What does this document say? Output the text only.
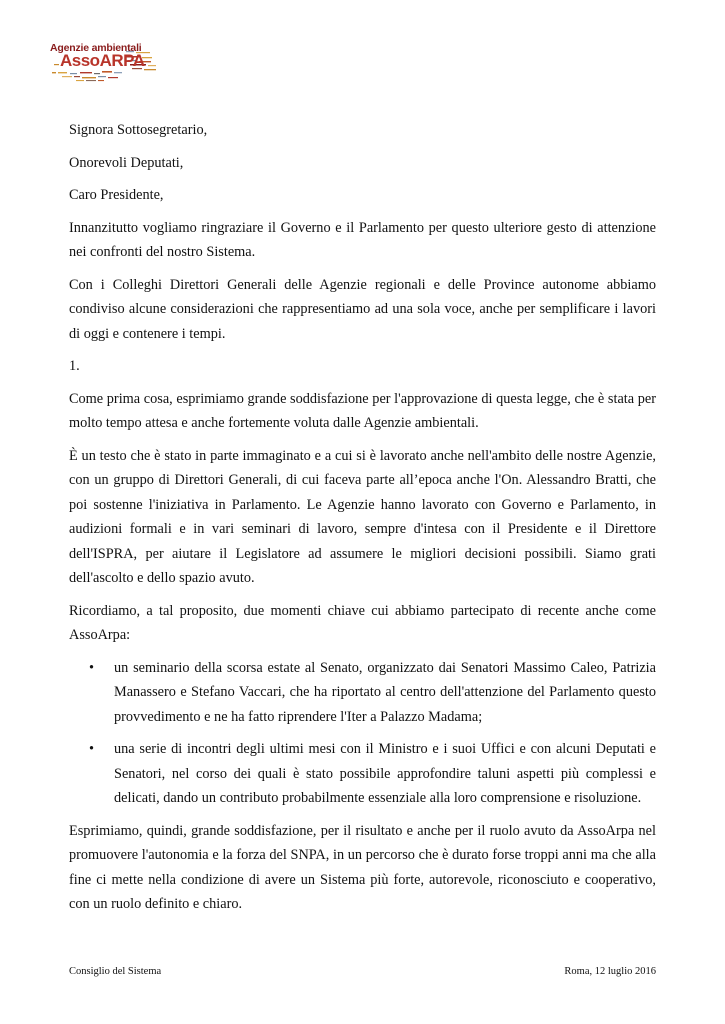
Agenzie ambientali
AssoARPA

Signora Sottosegretario,

Onorevoli Deputati,

Caro Presidente,

Innanzitutto vogliamo ringraziare il Governo e il Parlamento per questo ulteriore gesto di attenzione nei confronti del nostro Sistema.

Con i Colleghi Direttori Generali delle Agenzie regionali e delle Province autonome abbiamo condiviso alcune considerazioni che rappresentiamo ad una sola voce, anche per semplificare i lavori di oggi e contenere i tempi.

1.

Come prima cosa, esprimiamo grande soddisfazione per l'approvazione di questa legge, che è stata per molto tempo attesa e anche fortemente voluta dalle Agenzie ambientali.

È un testo che è stato in parte immaginato e a cui si è lavorato anche nell'ambito delle nostre Agenzie, con un gruppo di Direttori Generali, di cui faceva parte all’epoca anche l'On. Alessandro Bratti, che poi sostenne l'iniziativa in Parlamento. Le Agenzie hanno lavorato con Governo e Parlamento, in audizioni formali e in vari seminari di lavoro, sempre d'intesa con il Presidente e il Direttore dell'ISPRA, per aiutare il Legislatore ad assumere le migliori decisioni possibili. Siamo grati dell'ascolto e dello spazio avuto.

Ricordiamo, a tal proposito, due momenti chiave cui abbiamo partecipato di recente anche come AssoArpa:

• un seminario della scorsa estate al Senato, organizzato dai Senatori Massimo Caleo, Patrizia Manassero e Stefano Vaccari, che ha riportato al centro dell'attenzione del Parlamento questo provvedimento e ne ha fatto riprendere l'Iter a Palazzo Madama;
• una serie di incontri degli ultimi mesi con il Ministro e i suoi Uffici e con alcuni Deputati e Senatori, nel corso dei quali è stato possibile approfondire taluni aspetti più complessi e delicati, dando un contributo probabilmente essenziale alla loro comprensione e risoluzione.

Esprimiamo, quindi, grande soddisfazione, per il risultato e anche per il ruolo avuto da AssoArpa nel promuovere l'autonomia e la forza del SNPA, in un percorso che è durato forse troppi anni ma che alla fine ci mette nella condizione di avere un Sistema più forte, autorevole, riconosciuto e cooperativo, con un ruolo definito e chiaro.

Consiglio del Sistema	Roma, 12 luglio 2016
